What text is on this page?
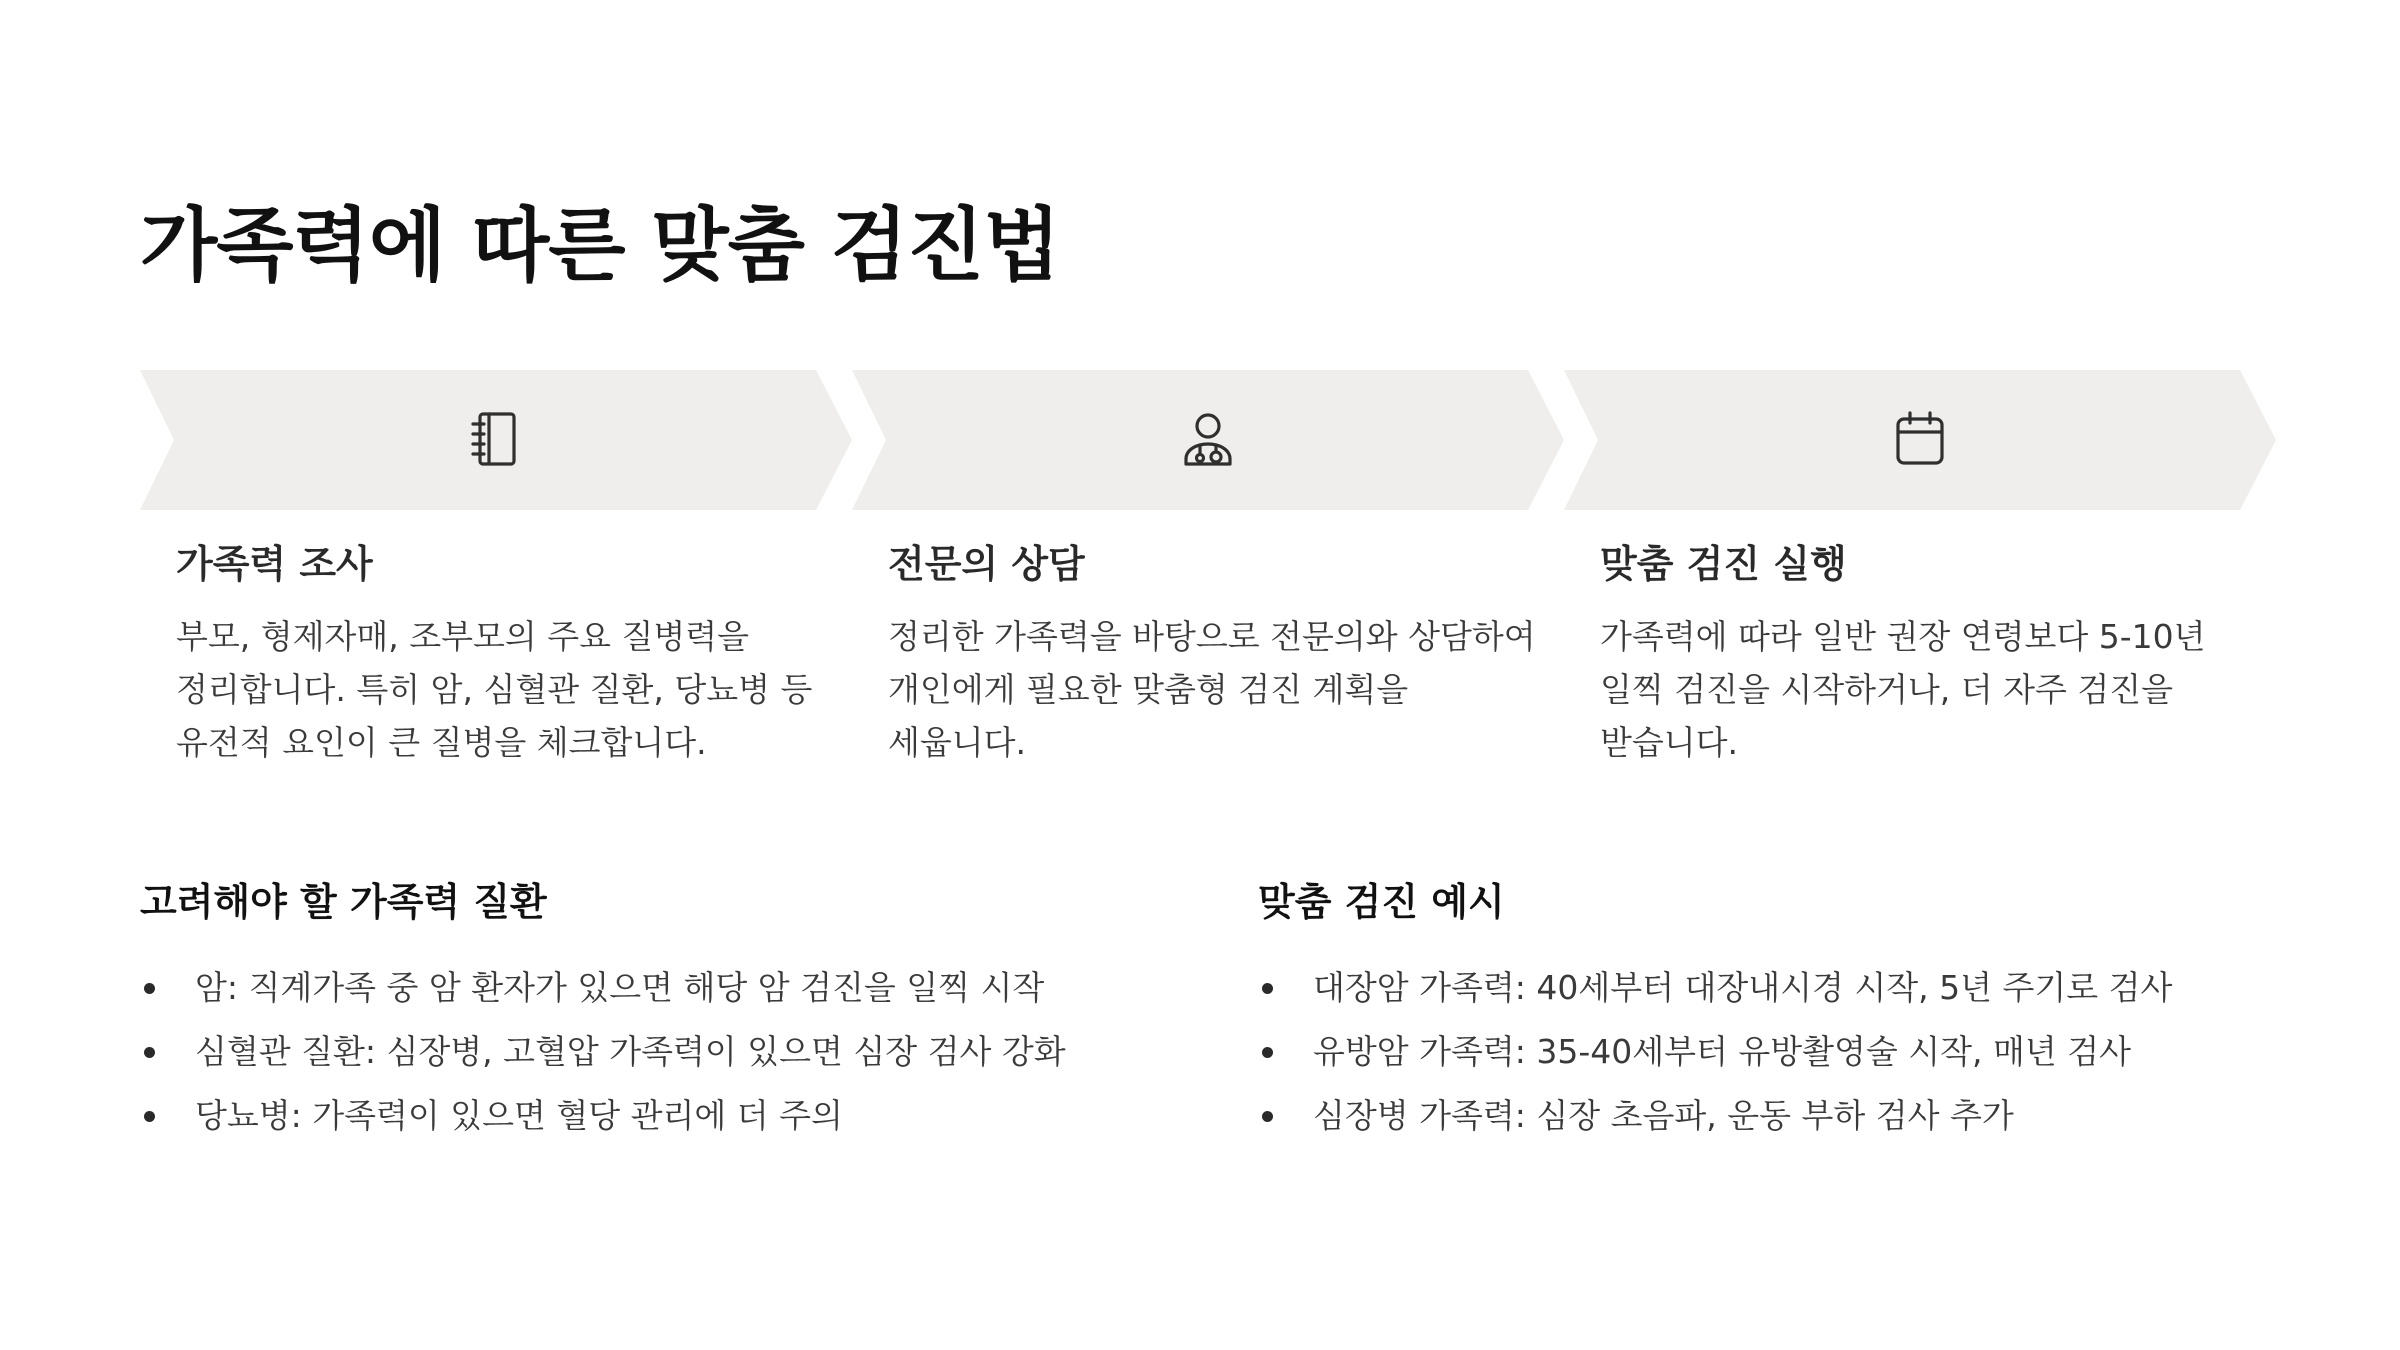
가족력에 따른 맞춤 검진법
가족력 조사

부모, 형제자매, 조부모의 주요 질병력을 정리합니다. 특히 암, 심혈관 질환, 당뇨병 등 유전적 요인이 큰 질병을 체크합니다.

전문의 상담

정리한 가족력을 바탕으로 전문의와 상담하여 개인에게 필요한 맞춤형 검진 계획을 세웁니다.

맞춤 검진 실행

가족력에 따라 일반 권장 연령보다 5-10년 일찍 검진을 시작하거나, 더 자주 검진을 받습니다.

고려해야 할 가족력 질환
암: 직계가족 중 암 환자가 있으면 해당 암 검진을 일찍 시작
심혈관 질환: 심장병, 고혈압 가족력이 있으면 심장 검사 강화
당뇨병: 가족력이 있으면 혈당 관리에 더 주의
맞춤 검진 예시
대장암 가족력: 40세부터 대장내시경 시작, 5년 주기로 검사
유방암 가족력: 35-40세부터 유방촬영술 시작, 매년 검사
심장병 가족력: 심장 초음파, 운동 부하 검사 추가
